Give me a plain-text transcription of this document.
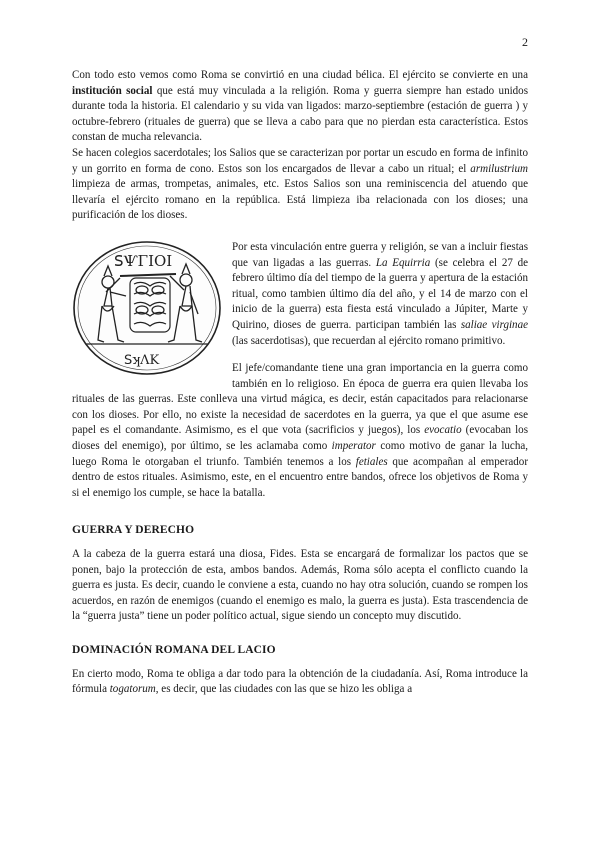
2

Con todo esto vemos como Roma se convirtió en una ciudad bélica. El ejército se convierte en una institución social que está muy vinculada a la religión. Roma y guerra siempre han estado unidos durante toda la historia. El calendario y su vida van ligados: marzo-septiembre (estación de guerra ) y octubre-febrero (rituales de guerra) que se lleva a cabo para que no pierdan esta característica. Estos constan de mucha relevancia.

Se hacen colegios sacerdotales; los Salios que se caracterizan por portar un escudo en forma de infinito y un gorrito en forma de cono. Estos son los encargados de llevar a cabo un ritual; el armilustrium limpieza de armas, trompetas, animales, etc. Estos Salios son una reminiscencia del atuendo que llevaría el ejército romano en la república. Está limpieza iba relacionada con los dioses; una purificación de los dioses.

ꓢѰΓΙΟΙ
ꓢʞΛΚ

Por esta vinculación entre guerra y religión, se van a incluir fiestas que van ligadas a las guerras. La Equirria (se celebra el 27 de febrero último día del tiempo de la guerra y apertura de la estación ritual, como tambien último día del año, y el 14 de marzo con el inicio de la guerra) esta fiesta está vinculado a Júpiter, Marte y Quirino, dioses de guerra. participan también las saliae virginae (las sacerdotisas), que recuerdan al ejército romano primitivo.

El jefe/comandante tiene una gran importancia en la guerra como también en lo religioso. En época de guerra era quien llevaba los rituales de las guerras. Este conlleva una virtud mágica, es decir, están capacitados para relacionarse con los dioses. Por ello, no existe la necesidad de sacerdotes en la guerra, ya que el que asume ese papel es el comandante. Asimismo, es el que vota (sacrificios y juegos), los evocatio (evocaban los dioses del enemigo), por último, se les aclamaba como imperator como motivo de ganar la lucha, luego Roma le otorgaban el triunfo. También tenemos a los fetiales que acompañan al emperador dentro de estos rituales. Asimismo, este, en el encuentro entre bandos, ofrece los objetivos de Roma y si el enemigo los cumple, se hace la batalla.

GUERRA Y DERECHO

A la cabeza de la guerra estará una diosa, Fides. Esta se encargará de formalizar los pactos que se ponen, bajo la protección de esta, ambos bandos. Además, Roma sólo acepta el conflicto cuando la guerra es justa. Es decir, cuando le conviene a esta, cuando no hay otra solución, cuando se rompen los acuerdos, en razón de enemigos (cuando el enemigo es malo, la guerra es justa). Esta trascendencia de la “guerra justa” tiene un poder político actual, sigue siendo un concepto muy discutido.

DOMINACIÓN ROMANA DEL LACIO

En cierto modo, Roma te obliga a dar todo para la obtención de la ciudadanía. Así, Roma introduce la fórmula togatorum, es decir, que las ciudades con las que se hizo les obliga a
